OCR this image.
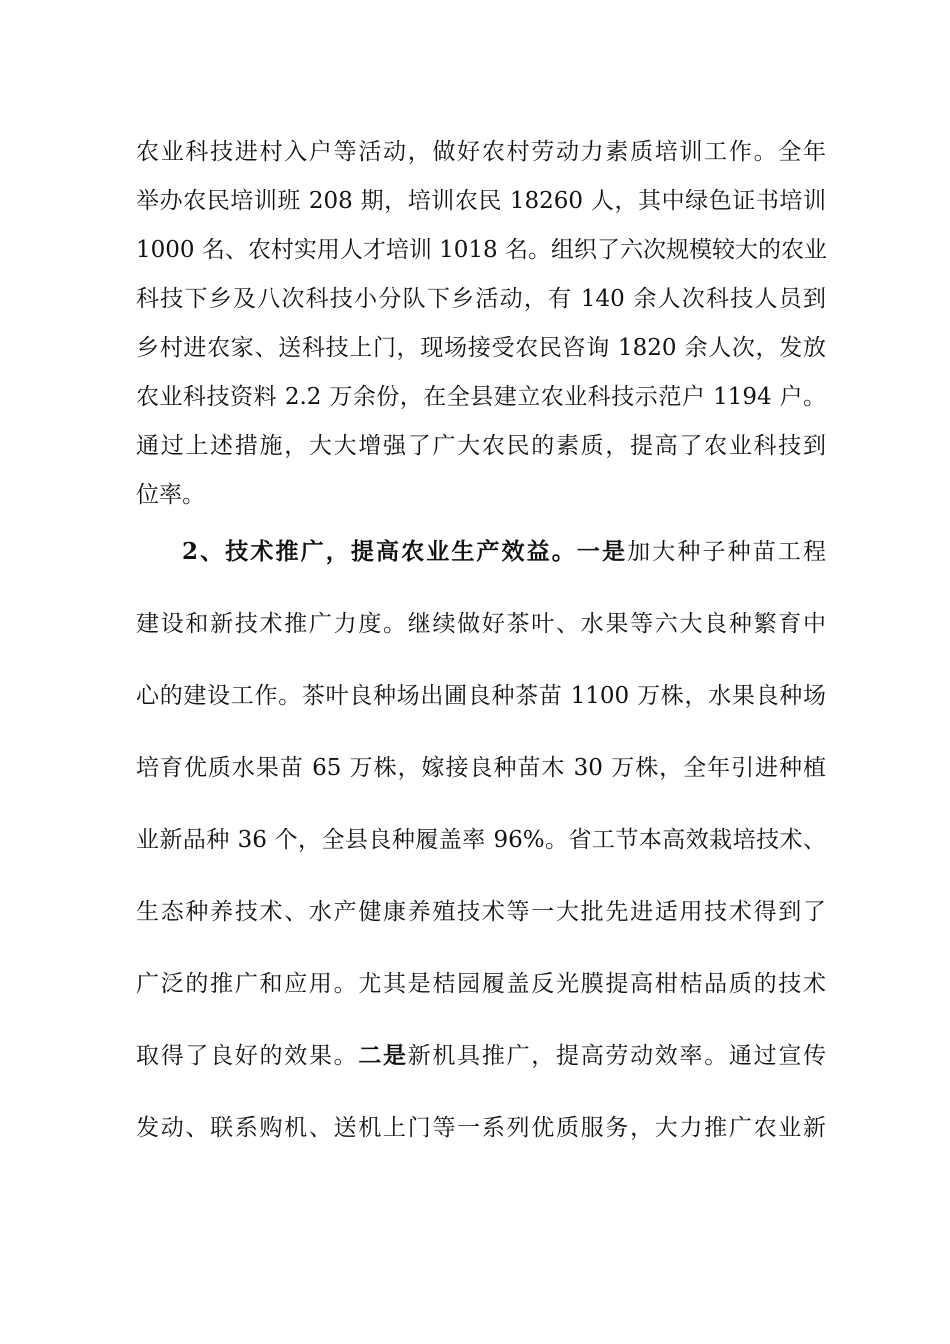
农业科技进村入户等活动，做好农村劳动力素质培训工作。全年
举办农民培训班 208 期，培训农民 18260 人，其中绿色证书培训
1000 名、农村实用人才培训 1018 名。组织了六次规模较大的农业
科技下乡及八次科技小分队下乡活动，有 140 余人次科技人员到
乡村进农家、送科技上门，现场接受农民咨询 1820 余人次，发放
农业科技资料 2.2 万余份，在全县建立农业科技示范户 1194 户。
通过上述措施，大大增强了广大农民的素质，提高了农业科技到
位率。
2、技术推广，提高农业生产效益。一是加大种子种苗工程
建设和新技术推广力度。继续做好茶叶、水果等六大良种繁育中
心的建设工作。茶叶良种场出圃良种茶苗 1100 万株，水果良种场
培育优质水果苗 65 万株，嫁接良种苗木 30 万株，全年引进种植
业新品种 36 个，全县良种履盖率 96%。省工节本高效栽培技术、
生态种养技术、水产健康养殖技术等一大批先进适用技术得到了
广泛的推广和应用。尤其是桔园履盖反光膜提高柑桔品质的技术
取得了良好的效果。二是新机具推广，提高劳动效率。通过宣传
发动、联系购机、送机上门等一系列优质服务，大力推广农业新
